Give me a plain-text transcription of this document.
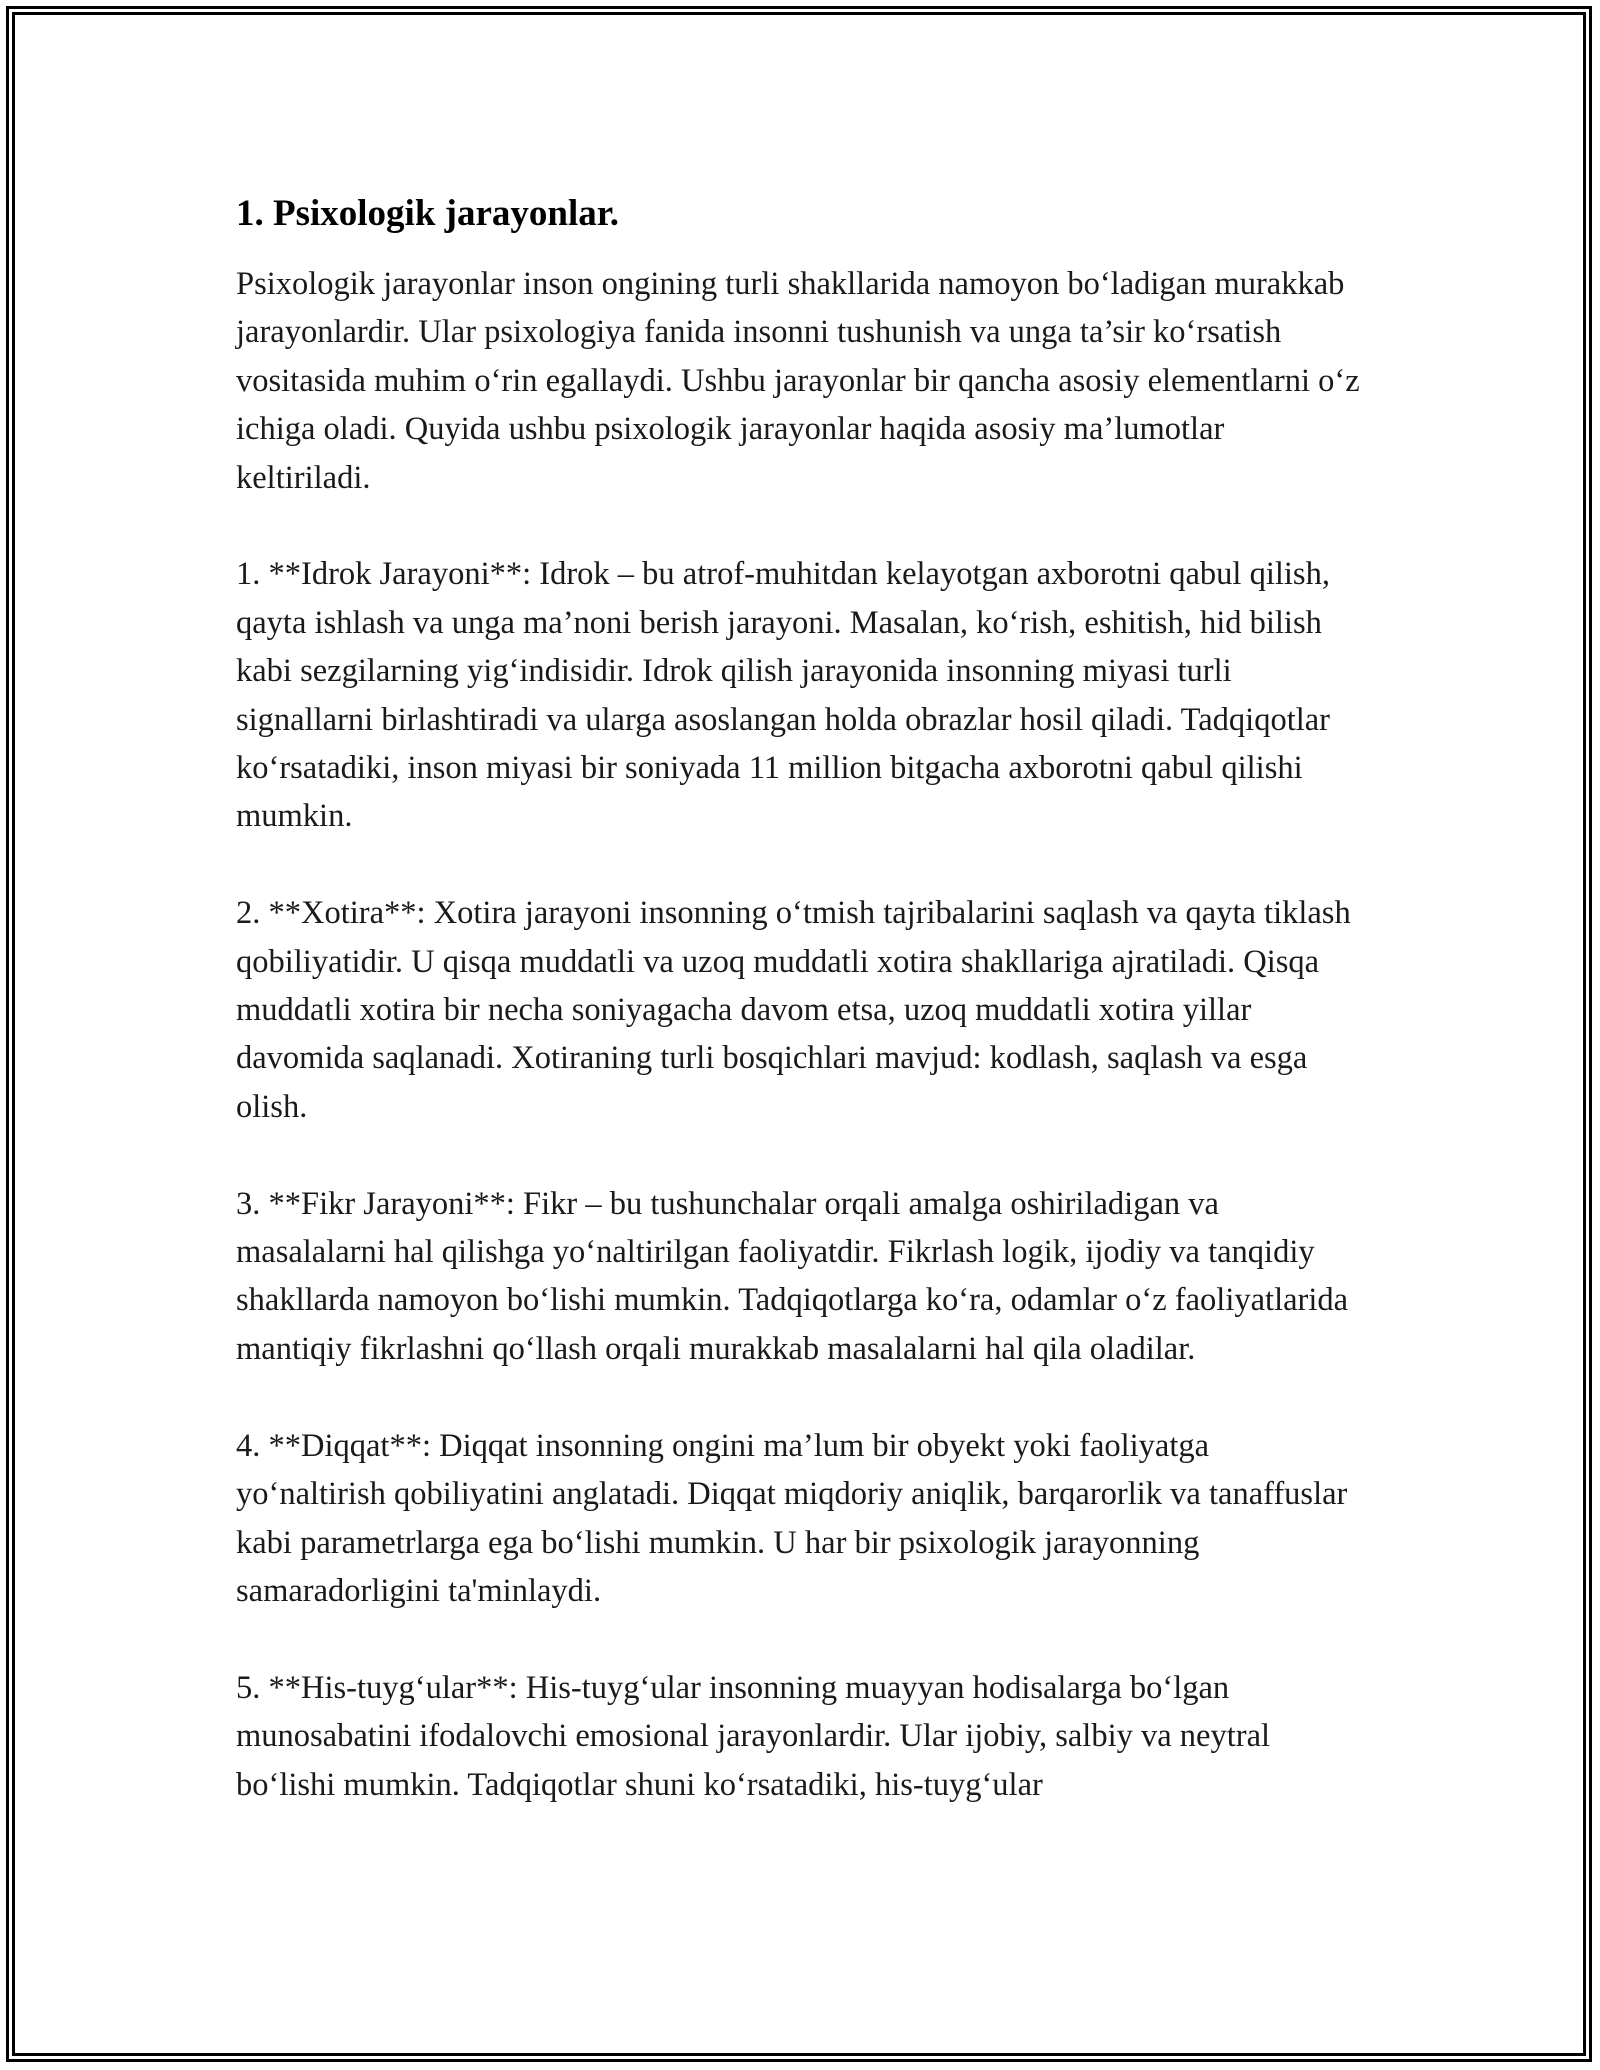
1. Psixologik jarayonlar.

Psixologik jarayonlar inson ongining turli shakllarida namoyon bo‘ladigan murakkab jarayonlardir. Ular psixologiya fanida insonni tushunish va unga ta’sir ko‘rsatish vositasida muhim o‘rin egallaydi. Ushbu jarayonlar bir qancha asosiy elementlarni o‘z ichiga oladi. Quyida ushbu psixologik jarayonlar haqida asosiy ma’lumotlar keltiriladi.

1. **Idrok Jarayoni**: Idrok – bu atrof-muhitdan kelayotgan axborotni qabul qilish, qayta ishlash va unga ma’noni berish jarayoni. Masalan, ko‘rish, eshitish, hid bilish kabi sezgilarning yig‘indisidir. Idrok qilish jarayonida insonning miyasi turli signallarni birlashtiradi va ularga asoslangan holda obrazlar hosil qiladi. Tadqiqotlar ko‘rsatadiki, inson miyasi bir soniyada 11 million bitgacha axborotni qabul qilishi mumkin.

2. **Xotira**: Xotira jarayoni insonning o‘tmish tajribalarini saqlash va qayta tiklash qobiliyatidir. U qisqa muddatli va uzoq muddatli xotira shakllariga ajratiladi. Qisqa muddatli xotira bir necha soniyagacha davom etsa, uzoq muddatli xotira yillar davomida saqlanadi. Xotiraning turli bosqichlari mavjud: kodlash, saqlash va esga olish.

3. **Fikr Jarayoni**: Fikr – bu tushunchalar orqali amalga oshiriladigan va masalalarni hal qilishga yo‘naltirilgan faoliyatdir. Fikrlash logik, ijodiy va tanqidiy shakllarda namoyon bo‘lishi mumkin. Tadqiqotlarga ko‘ra, odamlar o‘z faoliyatlarida mantiqiy fikrlashni qo‘llash orqali murakkab masalalarni hal qila oladilar.

4. **Diqqat**: Diqqat insonning ongini ma’lum bir obyekt yoki faoliyatga yo‘naltirish qobiliyatini anglatadi. Diqqat miqdoriy aniqlik, barqarorlik va tanaffuslar kabi parametrlarga ega bo‘lishi mumkin. U har bir psixologik jarayonning samaradorligini ta'minlaydi.

5. **His-tuyg‘ular**: His-tuyg‘ular insonning muayyan hodisalarga bo‘lgan munosabatini ifodalovchi emosional jarayonlardir. Ular ijobiy, salbiy va neytral bo‘lishi mumkin. Tadqiqotlar shuni ko‘rsatadiki, his-tuyg‘ular
